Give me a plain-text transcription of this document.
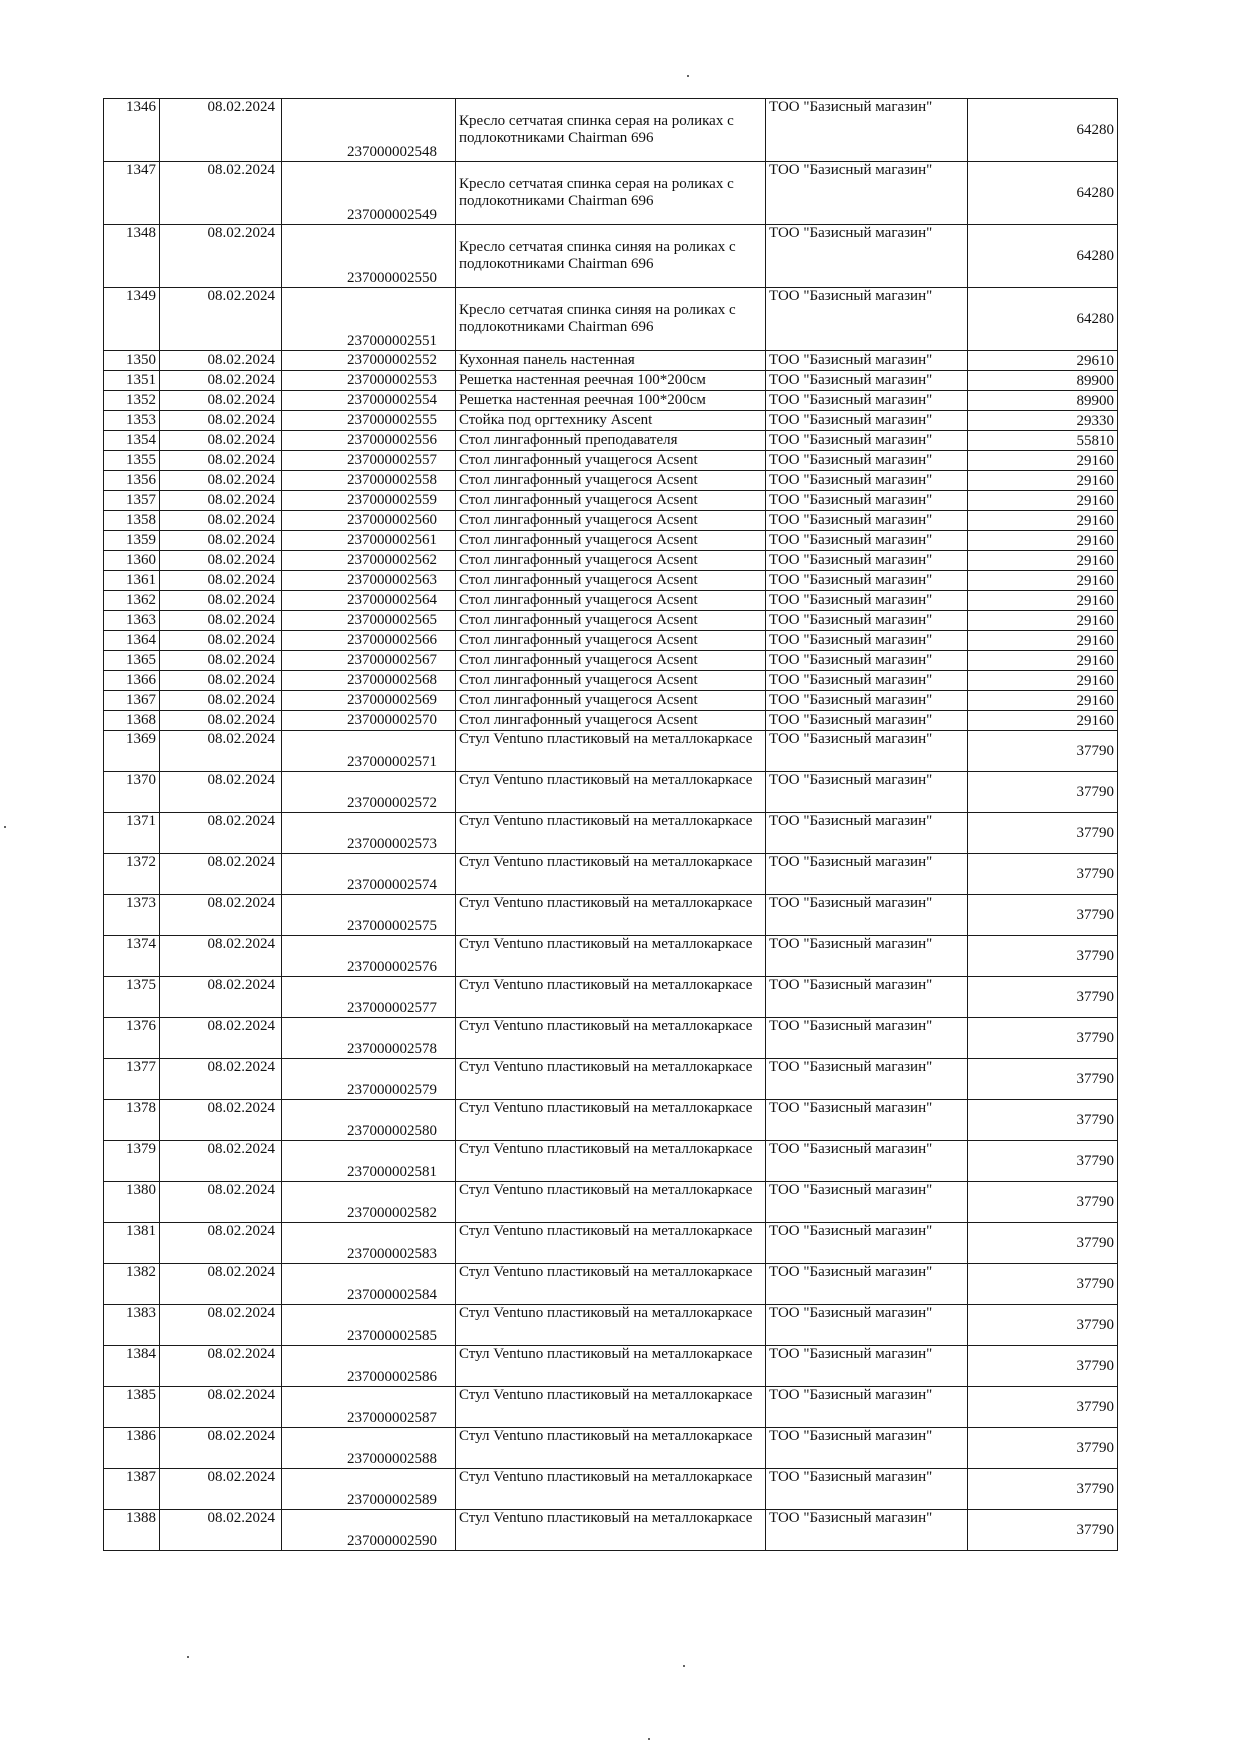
1346	08.02.2024	237000002548	Кресло сетчатая спинка серая на роликах с подлокотниками Chairman 696	ТОО "Базисный магазин"	64280
1347	08.02.2024	237000002549	Кресло сетчатая спинка серая на роликах с подлокотниками Chairman 696	ТОО "Базисный магазин"	64280
1348	08.02.2024	237000002550	Кресло сетчатая спинка синяя на роликах с подлокотниками Chairman 696	ТОО "Базисный магазин"	64280
1349	08.02.2024	237000002551	Кресло сетчатая спинка синяя на роликах с подлокотниками Chairman 696	ТОО "Базисный магазин"	64280
1350	08.02.2024	237000002552	Кухонная панель настенная	ТОО "Базисный магазин"	29610
1351	08.02.2024	237000002553	Решетка настенная реечная 100*200см	ТОО "Базисный магазин"	89900
1352	08.02.2024	237000002554	Решетка настенная реечная 100*200см	ТОО "Базисный магазин"	89900
1353	08.02.2024	237000002555	Стойка под оргтехнику Ascent	ТОО "Базисный магазин"	29330
1354	08.02.2024	237000002556	Стол лингафонный преподавателя	ТОО "Базисный магазин"	55810
1355	08.02.2024	237000002557	Стол лингафонный учащегося Acsent	ТОО "Базисный магазин"	29160
1356	08.02.2024	237000002558	Стол лингафонный учащегося Acsent	ТОО "Базисный магазин"	29160
1357	08.02.2024	237000002559	Стол лингафонный учащегося Acsent	ТОО "Базисный магазин"	29160
1358	08.02.2024	237000002560	Стол лингафонный учащегося Acsent	ТОО "Базисный магазин"	29160
1359	08.02.2024	237000002561	Стол лингафонный учащегося Acsent	ТОО "Базисный магазин"	29160
1360	08.02.2024	237000002562	Стол лингафонный учащегося Acsent	ТОО "Базисный магазин"	29160
1361	08.02.2024	237000002563	Стол лингафонный учащегося Acsent	ТОО "Базисный магазин"	29160
1362	08.02.2024	237000002564	Стол лингафонный учащегося Acsent	ТОО "Базисный магазин"	29160
1363	08.02.2024	237000002565	Стол лингафонный учащегося Acsent	ТОО "Базисный магазин"	29160
1364	08.02.2024	237000002566	Стол лингафонный учащегося Acsent	ТОО "Базисный магазин"	29160
1365	08.02.2024	237000002567	Стол лингафонный учащегося Acsent	ТОО "Базисный магазин"	29160
1366	08.02.2024	237000002568	Стол лингафонный учащегося Acsent	ТОО "Базисный магазин"	29160
1367	08.02.2024	237000002569	Стол лингафонный учащегося Acsent	ТОО "Базисный магазин"	29160
1368	08.02.2024	237000002570	Стол лингафонный учащегося Acsent	ТОО "Базисный магазин"	29160
1369	08.02.2024	237000002571	Стул Ventuno пластиковый на металлокаркасе	ТОО "Базисный магазин"	37790
1370	08.02.2024	237000002572	Стул Ventuno пластиковый на металлокаркасе	ТОО "Базисный магазин"	37790
1371	08.02.2024	237000002573	Стул Ventuno пластиковый на металлокаркасе	ТОО "Базисный магазин"	37790
1372	08.02.2024	237000002574	Стул Ventuno пластиковый на металлокаркасе	ТОО "Базисный магазин"	37790
1373	08.02.2024	237000002575	Стул Ventuno пластиковый на металлокаркасе	ТОО "Базисный магазин"	37790
1374	08.02.2024	237000002576	Стул Ventuno пластиковый на металлокаркасе	ТОО "Базисный магазин"	37790
1375	08.02.2024	237000002577	Стул Ventuno пластиковый на металлокаркасе	ТОО "Базисный магазин"	37790
1376	08.02.2024	237000002578	Стул Ventuno пластиковый на металлокаркасе	ТОО "Базисный магазин"	37790
1377	08.02.2024	237000002579	Стул Ventuno пластиковый на металлокаркасе	ТОО "Базисный магазин"	37790
1378	08.02.2024	237000002580	Стул Ventuno пластиковый на металлокаркасе	ТОО "Базисный магазин"	37790
1379	08.02.2024	237000002581	Стул Ventuno пластиковый на металлокаркасе	ТОО "Базисный магазин"	37790
1380	08.02.2024	237000002582	Стул Ventuno пластиковый на металлокаркасе	ТОО "Базисный магазин"	37790
1381	08.02.2024	237000002583	Стул Ventuno пластиковый на металлокаркасе	ТОО "Базисный магазин"	37790
1382	08.02.2024	237000002584	Стул Ventuno пластиковый на металлокаркасе	ТОО "Базисный магазин"	37790
1383	08.02.2024	237000002585	Стул Ventuno пластиковый на металлокаркасе	ТОО "Базисный магазин"	37790
1384	08.02.2024	237000002586	Стул Ventuno пластиковый на металлокаркасе	ТОО "Базисный магазин"	37790
1385	08.02.2024	237000002587	Стул Ventuno пластиковый на металлокаркасе	ТОО "Базисный магазин"	37790
1386	08.02.2024	237000002588	Стул Ventuno пластиковый на металлокаркасе	ТОО "Базисный магазин"	37790
1387	08.02.2024	237000002589	Стул Ventuno пластиковый на металлокаркасе	ТОО "Базисный магазин"	37790
1388	08.02.2024	237000002590	Стул Ventuno пластиковый на металлокаркасе	ТОО "Базисный магазин"	37790
